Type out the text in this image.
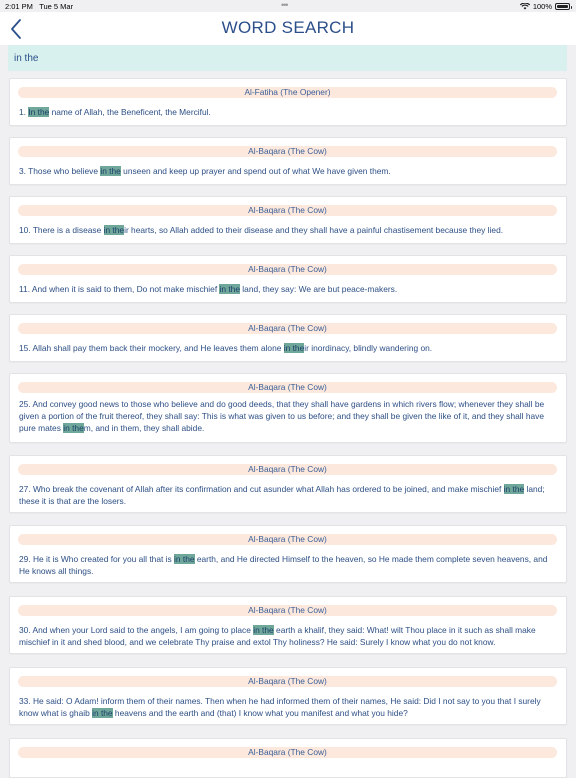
2:01 PM Tue 5 Mar	•••	100%
WORD SEARCH
in the
Al-Fatiha (The Opener)
1. In the name of Allah, the Beneficent, the Merciful.
Al-Baqara (The Cow)
3. Those who believe in the unseen and keep up prayer and spend out of what We have given them.
Al-Baqara (The Cow)
10. There is a disease in their hearts, so Allah added to their disease and they shall have a painful chastisement because they lied.
Al-Baqara (The Cow)
11. And when it is said to them, Do not make mischief in the land, they say: We are but peace-makers.
Al-Baqara (The Cow)
15. Allah shall pay them back their mockery, and He leaves them alone in their inordinacy, blindly wandering on.
Al-Baqara (The Cow)
25. And convey good news to those who believe and do good deeds, that they shall have gardens in which rivers flow; whenever they shall be given a portion of the fruit thereof, they shall say: This is what was given to us before; and they shall be given the like of it, and they shall have pure mates in them, and in them, they shall abide.
Al-Baqara (The Cow)
27. Who break the covenant of Allah after its confirmation and cut asunder what Allah has ordered to be joined, and make mischief in the land; these it is that are the losers.
Al-Baqara (The Cow)
29. He it is Who created for you all that is in the earth, and He directed Himself to the heaven, so He made them complete seven heavens, and He knows all things.
Al-Baqara (The Cow)
30. And when your Lord said to the angels, I am going to place in the earth a khalif, they said: What! wilt Thou place in it such as shall make mischief in it and shed blood, and we celebrate Thy praise and extol Thy holiness? He said: Surely I know what you do not know.
Al-Baqara (The Cow)
33. He said: O Adam! inform them of their names. Then when he had informed them of their names, He said: Did I not say to you that I surely know what is ghaib in the heavens and the earth and (that) I know what you manifest and what you hide?
Al-Baqara (The Cow)
